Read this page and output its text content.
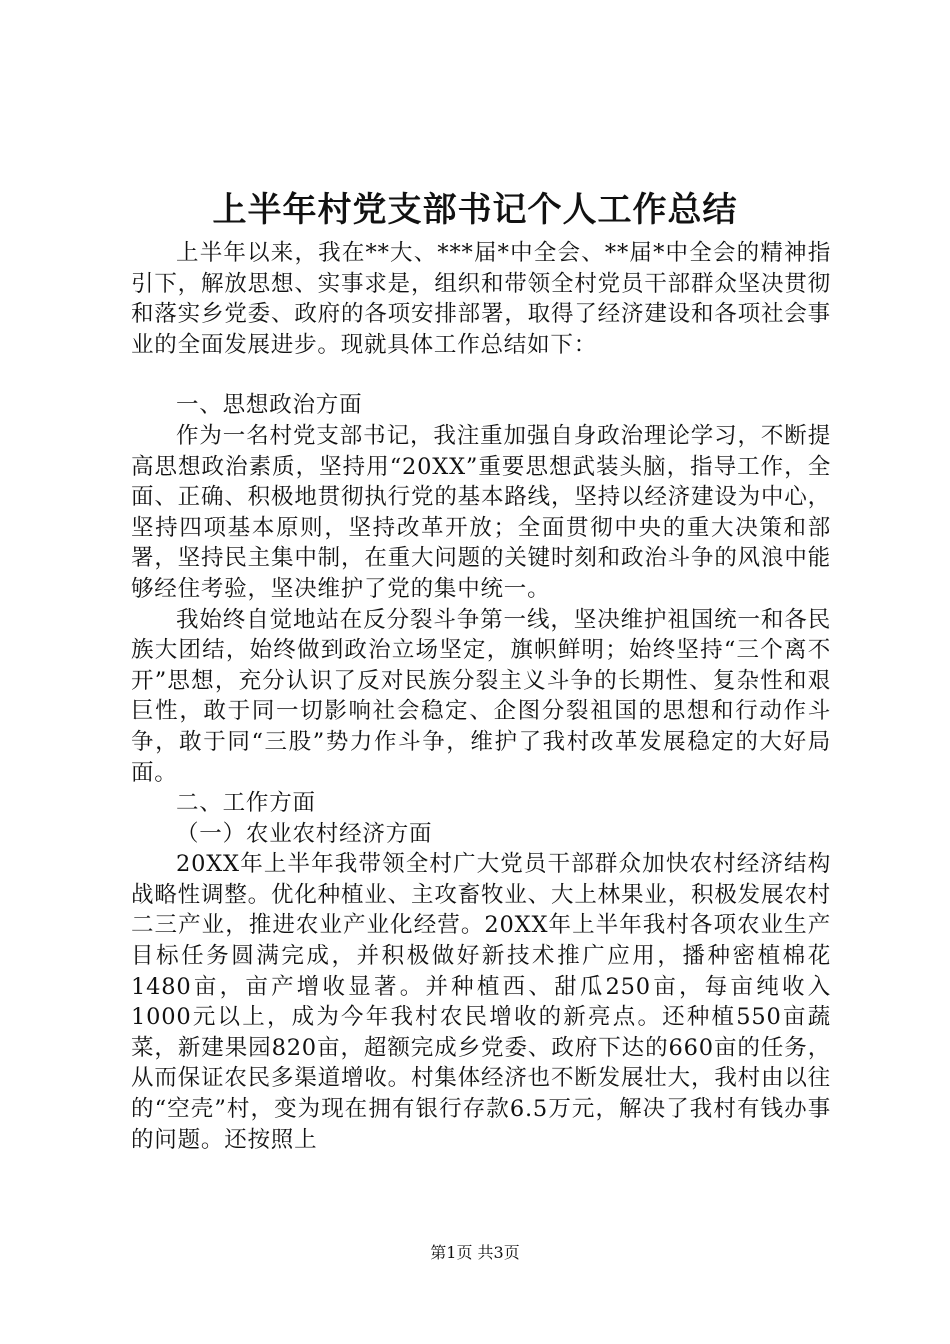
上半年村党支部书记个人工作总结

上半年以来，我在**大、***届*中全会、**届*中全会的精神指引下，解放思想、实事求是，组织和带领全村党员干部群众坚决贯彻和落实乡党委、政府的各项安排部署，取得了经济建设和各项社会事业的全面发展进步。现就具体工作总结如下：

一、思想政治方面

作为一名村党支部书记，我注重加强自身政治理论学习，不断提高思想政治素质，坚持用“20XX”重要思想武装头脑，指导工作，全面、正确、积极地贯彻执行党的基本路线，坚持以经济建设为中心，坚持四项基本原则，坚持改革开放；全面贯彻中央的重大决策和部署，坚持民主集中制，在重大问题的关键时刻和政治斗争的风浪中能够经住考验，坚决维护了党的集中统一。

我始终自觉地站在反分裂斗争第一线，坚决维护祖国统一和各民族大团结，始终做到政治立场坚定，旗帜鲜明；始终坚持“三个离不开”思想，充分认识了反对民族分裂主义斗争的长期性、复杂性和艰巨性，敢于同一切影响社会稳定、企图分裂祖国的思想和行动作斗争，敢于同“三股”势力作斗争，维护了我村改革发展稳定的大好局面。

二、工作方面

（一）农业农村经济方面

20XX年上半年我带领全村广大党员干部群众加快农村经济结构战略性调整。优化种植业、主攻畜牧业、大上林果业，积极发展农村二三产业，推进农业产业化经营。20XX年上半年我村各项农业生产目标任务圆满完成，并积极做好新技术推广应用，播种密植棉花1480亩，亩产增收显著。并种植西、甜瓜250亩，每亩纯收入1000元以上，成为今年我村农民增收的新亮点。还种植550亩蔬菜，新建果园820亩，超额完成乡党委、政府下达的660亩的任务，从而保证农民多渠道增收。村集体经济也不断发展壮大，我村由以往的“空壳”村，变为现在拥有银行存款6.5万元，解决了我村有钱办事的问题。还按照上

第1页 共3页
